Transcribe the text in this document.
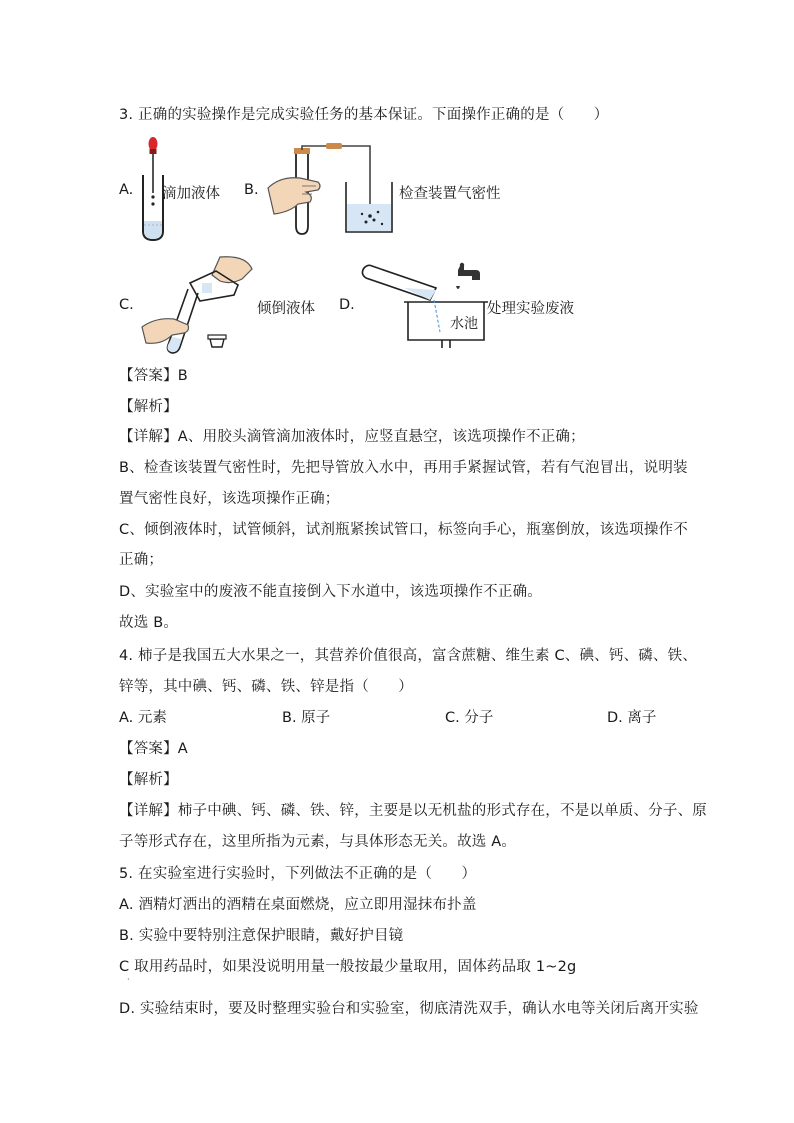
3. 正确的实验操作是完成实验任务的基本保证。下面操作正确的是（　　）
A. 滴加液体 B.	检查装置气密性
C.	倾倒液体 D.
水池
处理实验废液
【答案】B
【解析】
【详解】A、用胶头滴管滴加液体时，应竖直悬空，该选项操作不正确；
B、检查该装置气密性时，先把导管放入水中，再用手紧握试管，若有气泡冒出，说明装
置气密性良好，该选项操作正确；
C、倾倒液体时，试管倾斜，试剂瓶紧挨试管口，标签向手心，瓶塞倒放，该选项操作不
正确；
D、实验室中的废液不能直接倒入下水道中，该选项操作不正确。
故选 B。
4. 柿子是我国五大水果之一，其营养价值很高，富含蔗糖、维生素 C、碘、钙、磷、铁、
锌等，其中碘、钙、磷、铁、锌是指（　　）
A. 元素	B. 原子	C. 分子	D. 离子
【答案】A
【解析】
【详解】柿子中碘、钙、磷、铁、锌，主要是以无机盐的形式存在，不是以单质、分子、原
子等形式存在，这里所指为元素，与具体形态无关。故选 A。
5. 在实验室进行实验时，下列做法不正确的是（　　）
A. 酒精灯洒出的酒精在桌面燃烧，应立即用湿抹布扑盖
B. 实验中要特别注意保护眼睛，戴好护目镜
C 取用药品时，如果没说明用量一般按最少量取用，固体药品取 1~2g
·
D. 实验结束时，要及时整理实验台和实验室，彻底清洗双手，确认水电等关闭后离开实验
